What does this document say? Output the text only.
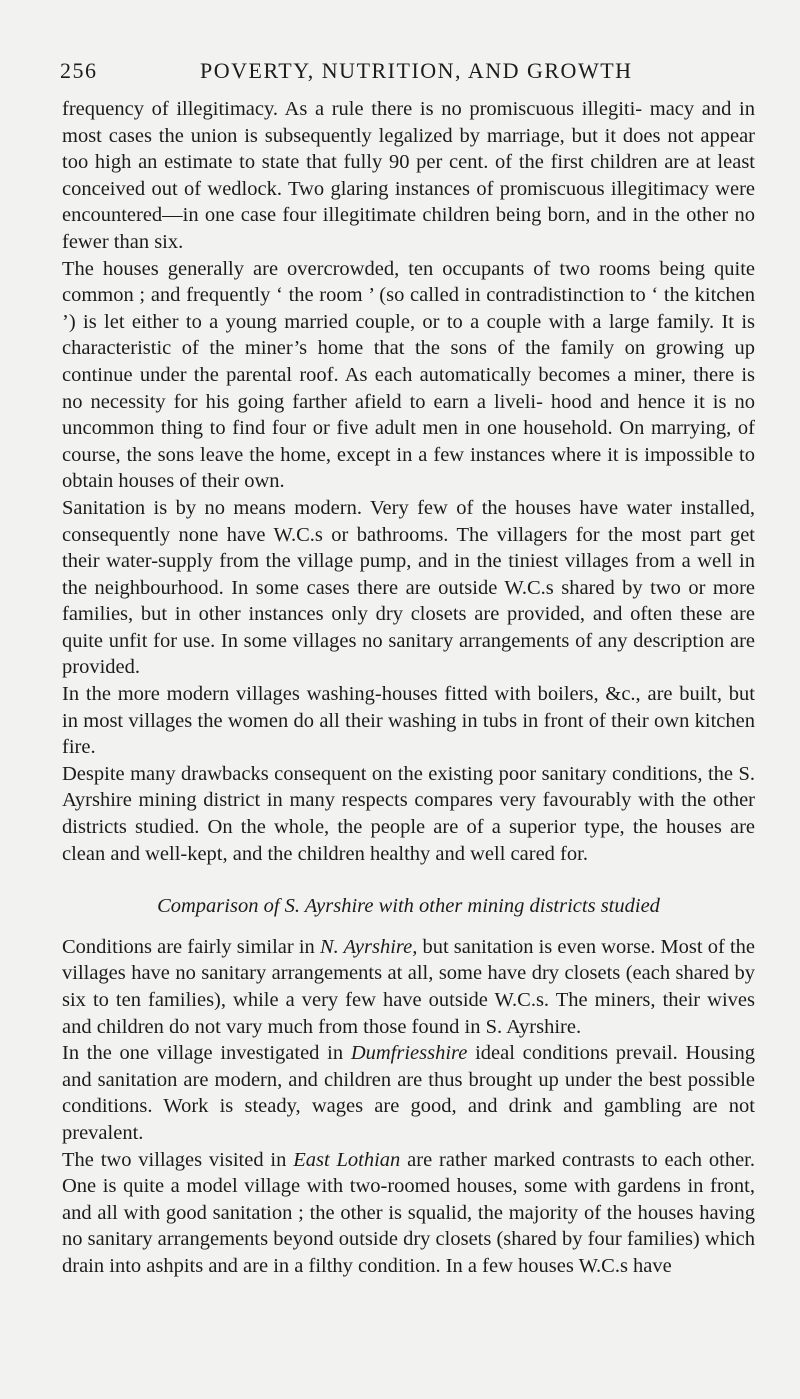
256	POVERTY, NUTRITION, AND GROWTH

frequency of illegitimacy. As a rule there is no promiscuous illegiti- macy and in most cases the union is subsequently legalized by marriage, but it does not appear too high an estimate to state that fully 90 per cent. of the first children are at least conceived out of wedlock. Two glaring instances of promiscuous illegitimacy were encountered—in one case four illegitimate children being born, and in the other no fewer than six.

The houses generally are overcrowded, ten occupants of two rooms being quite common ; and frequently ‘ the room ’ (so called in contradistinction to ‘ the kitchen ’) is let either to a young married couple, or to a couple with a large family. It is characteristic of the miner’s home that the sons of the family on growing up continue under the parental roof. As each automatically becomes a miner, there is no necessity for his going farther afield to earn a liveli- hood and hence it is no uncommon thing to find four or five adult men in one household. On marrying, of course, the sons leave the home, except in a few instances where it is impossible to obtain houses of their own.

Sanitation is by no means modern. Very few of the houses have water installed, consequently none have W.C.s or bathrooms. The villagers for the most part get their water-supply from the village pump, and in the tiniest villages from a well in the neighbourhood. In some cases there are outside W.C.s shared by two or more families, but in other instances only dry closets are provided, and often these are quite unfit for use. In some villages no sanitary arrangements of any description are provided.

In the more modern villages washing-houses fitted with boilers, &c., are built, but in most villages the women do all their washing in tubs in front of their own kitchen fire.

Despite many drawbacks consequent on the existing poor sanitary conditions, the S. Ayrshire mining district in many respects compares very favourably with the other districts studied. On the whole, the people are of a superior type, the houses are clean and well-kept, and the children healthy and well cared for.

Comparison of S. Ayrshire with other mining districts studied

Conditions are fairly similar in N. Ayrshire, but sanitation is even worse. Most of the villages have no sanitary arrangements at all, some have dry closets (each shared by six to ten families), while a very few have outside W.C.s. The miners, their wives and children do not vary much from those found in S. Ayrshire.

In the one village investigated in Dumfriesshire ideal conditions prevail. Housing and sanitation are modern, and children are thus brought up under the best possible conditions. Work is steady, wages are good, and drink and gambling are not prevalent.

The two villages visited in East Lothian are rather marked contrasts to each other. One is quite a model village with two-roomed houses, some with gardens in front, and all with good sanitation ; the other is squalid, the majority of the houses having no sanitary arrangements beyond outside dry closets (shared by four families) which drain into ashpits and are in a filthy condition. In a few houses W.C.s have
